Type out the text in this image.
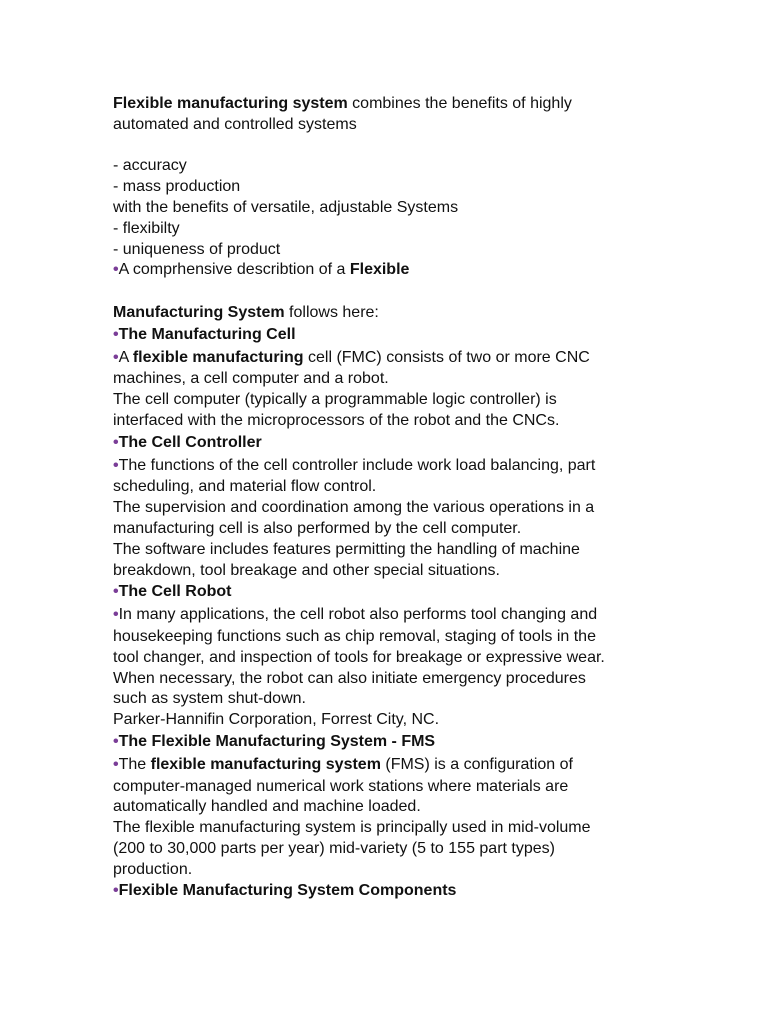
Flexible manufacturing system combines the benefits of highly
automated and controlled systems
- accuracy
- mass production
with the benefits of versatile, adjustable Systems
- flexibilty
- uniqueness of product
•A comprhensive describtion of a Flexible
Manufacturing System follows here:
•The Manufacturing Cell
•A flexible manufacturing cell (FMC) consists of two or more CNC
machines, a cell computer and a robot.
The cell computer (typically a programmable logic controller) is
interfaced with the microprocessors of the robot and the CNCs.
•The Cell Controller
•The functions of the cell controller include work load balancing, part
scheduling, and material flow control.
The supervision and coordination among the various operations in a
manufacturing cell is also performed by the cell computer.
The software includes features permitting the handling of machine
breakdown, tool breakage and other special situations.
•The Cell Robot
•In many applications, the cell robot also performs tool changing and
housekeeping functions such as chip removal, staging of tools in the
tool changer, and inspection of tools for breakage or expressive wear.
When necessary, the robot can also initiate emergency procedures
such as system shut-down.
Parker-Hannifin Corporation, Forrest City, NC.
•The Flexible Manufacturing System - FMS
•The flexible manufacturing system (FMS) is a configuration of
computer-managed numerical work stations where materials are
automatically handled and machine loaded.
The flexible manufacturing system is principally used in mid-volume
(200 to 30,000 parts per year) mid-variety (5 to 155 part types)
production.
•Flexible Manufacturing System Components
